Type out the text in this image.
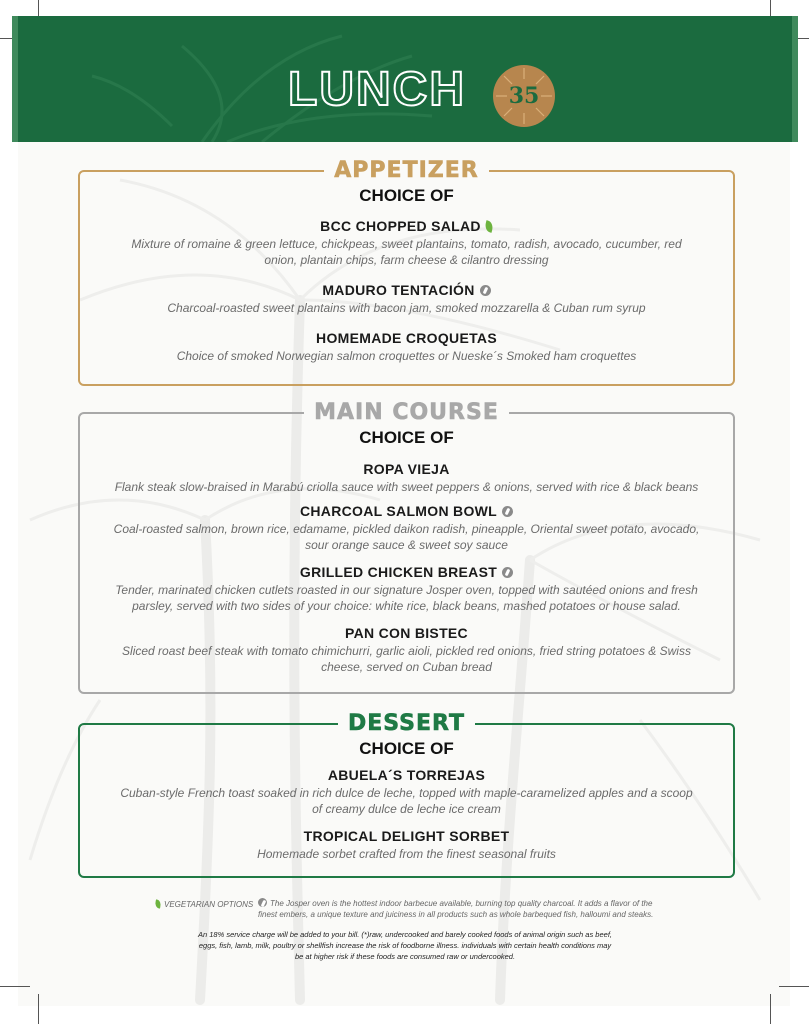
LUNCH	35
APPETIZER
CHOICE OF
BCC CHOPPED SALAD
Mixture of romaine & green lettuce, chickpeas, sweet plantains, tomato, radish, avocado, cucumber, red
onion, plantain chips, farm cheese & cilantro dressing
MADURO TENTACIÓN
Charcoal-roasted sweet plantains with bacon jam, smoked mozzarella & Cuban rum syrup
HOMEMADE CROQUETAS
Choice of smoked Norwegian salmon croquettes or Nueske´s Smoked ham croquettes
MAIN COURSE
CHOICE OF
ROPA VIEJA
Flank steak slow-braised in Marabú criolla sauce with sweet peppers & onions, served with rice & black beans
CHARCOAL SALMON BOWL
Coal-roasted salmon, brown rice, edamame, pickled daikon radish, pineapple, Oriental sweet potato, avocado,
sour orange sauce & sweet soy sauce
GRILLED CHICKEN BREAST
Tender, marinated chicken cutlets roasted in our signature Josper oven, topped with sautéed onions and fresh
parsley, served with two sides of your choice: white rice, black beans, mashed potatoes or house salad.
PAN CON BISTEC
Sliced roast beef steak with tomato chimichurri, garlic aioli, pickled red onions, fried string potatoes & Swiss
cheese, served on Cuban bread
DESSERT
CHOICE OF
ABUELA´S TORREJAS
Cuban-style French toast soaked in rich dulce de leche, topped with maple-caramelized apples and a scoop
of creamy dulce de leche ice cream
TROPICAL DELIGHT SORBET
Homemade sorbet crafted from the finest seasonal fruits
VEGETARIAN OPTIONS	The Josper oven is the hottest indoor barbecue available, burning top quality charcoal. It adds a flavor of the
finest embers, a unique texture and juiciness in all products such as whole barbequed fish, halloumi and steaks.
An 18% service charge will be added to your bill. (*)raw, undercooked and barely cooked foods of animal origin such as beef,
eggs, fish, lamb, milk, poultry or shellfish increase the risk of foodborne illness. individuals with certain health conditions may
be at higher risk if these foods are consumed raw or undercooked.
